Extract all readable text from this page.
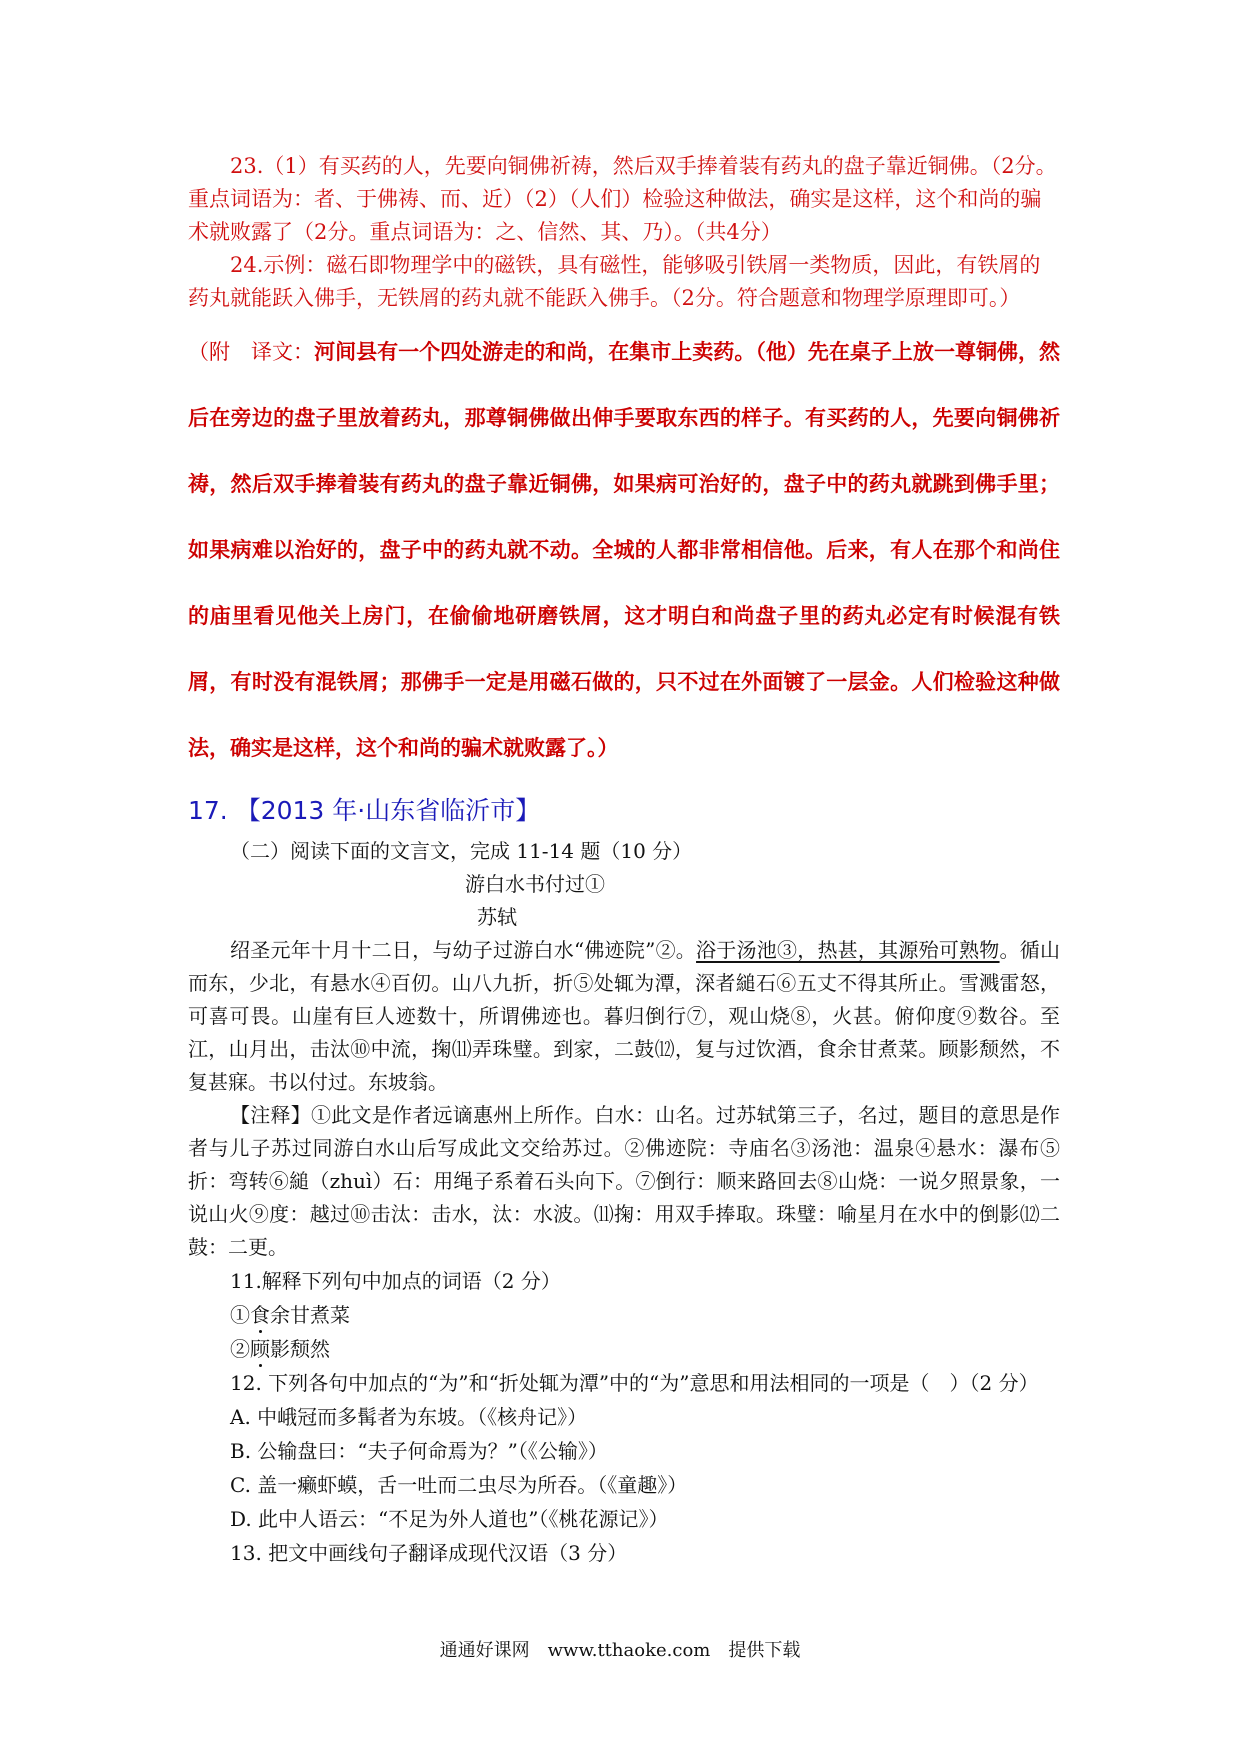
23.（1）有买药的人，先要向铜佛祈祷，然后双手捧着装有药丸的盘子靠近铜佛。（2分。重点词语为：者、于佛祷、而、近）（2）（人们）检验这种做法，确实是这样，这个和尚的骗术就败露了（2分。重点词语为：之、信然、其、乃）。（共4分）

24.示例：磁石即物理学中的磁铁，具有磁性，能够吸引铁屑一类物质，因此，有铁屑的药丸就能跃入佛手，无铁屑的药丸就不能跃入佛手。（2分。符合题意和物理学原理即可。）

（附　译文：河间县有一个四处游走的和尚，在集市上卖药。（他）先在桌子上放一尊铜佛，然后在旁边的盘子里放着药丸，那尊铜佛做出伸手要取东西的样子。有买药的人，先要向铜佛祈祷，然后双手捧着装有药丸的盘子靠近铜佛，如果病可治好的，盘子中的药丸就跳到佛手里；如果病难以治好的，盘子中的药丸就不动。全城的人都非常相信他。后来，有人在那个和尚住的庙里看见他关上房门，在偷偷地研磨铁屑，这才明白和尚盘子里的药丸必定有时候混有铁屑，有时没有混铁屑；那佛手一定是用磁石做的，只不过在外面镀了一层金。人们检验这种做法，确实是这样，这个和尚的骗术就败露了。）

17. 【2013 年·山东省临沂市】

（二）阅读下面的文言文，完成 11-14 题（10 分）

游白水书付过①

苏轼

绍圣元年十月十二日，与幼子过游白水“佛迹院”②。浴于汤池③，热甚，其源殆可熟物。循山而东，少北，有悬水④百仞。山八九折，折⑤处辄为潭，深者縋石⑥五丈不得其所止。雪溅雷怒，可喜可畏。山崖有巨人迹数十，所谓佛迹也。暮归倒行⑦，观山烧⑧，火甚。俯仰度⑨数谷。至江，山月出，击汰⑩中流，掬⑾弄珠璧。到家，二鼓⑿，复与过饮酒，食余甘煮菜。顾影颓然，不复甚寐。书以付过。东坡翁。

【注释】①此文是作者远谪惠州上所作。白水：山名。过苏轼第三子，名过，题目的意思是作者与儿子苏过同游白水山后写成此文交给苏过。②佛迹院：寺庙名③汤池：温泉④悬水：瀑布⑤折：弯转⑥縋（zhuì）石：用绳子系着石头向下。⑦倒行：顺来路回去⑧山烧：一说夕照景象，一说山火⑨度：越过⑩击汰：击水，汰：水波。⑾掬：用双手捧取。珠璧：喻星月在水中的倒影⑿二鼓：二更。

11.解释下列句中加点的词语（2 分）

①食余甘煮菜

②顾影颓然

12. 下列各句中加点的“为”和“折处辄为潭”中的“为”意思和用法相同的一项是（　）（2 分）

A. 中峨冠而多髯者为东坡。（《核舟记》）

B. 公输盘曰：“夫子何命焉为？”（《公输》）

C. 盖一癞虾蟆，舌一吐而二虫尽为所吞。（《童趣》）

D. 此中人语云：“不足为外人道也”（《桃花源记》）

13. 把文中画线句子翻译成现代汉语（3 分）

通通好课网　www.tthaoke.com　提供下载
